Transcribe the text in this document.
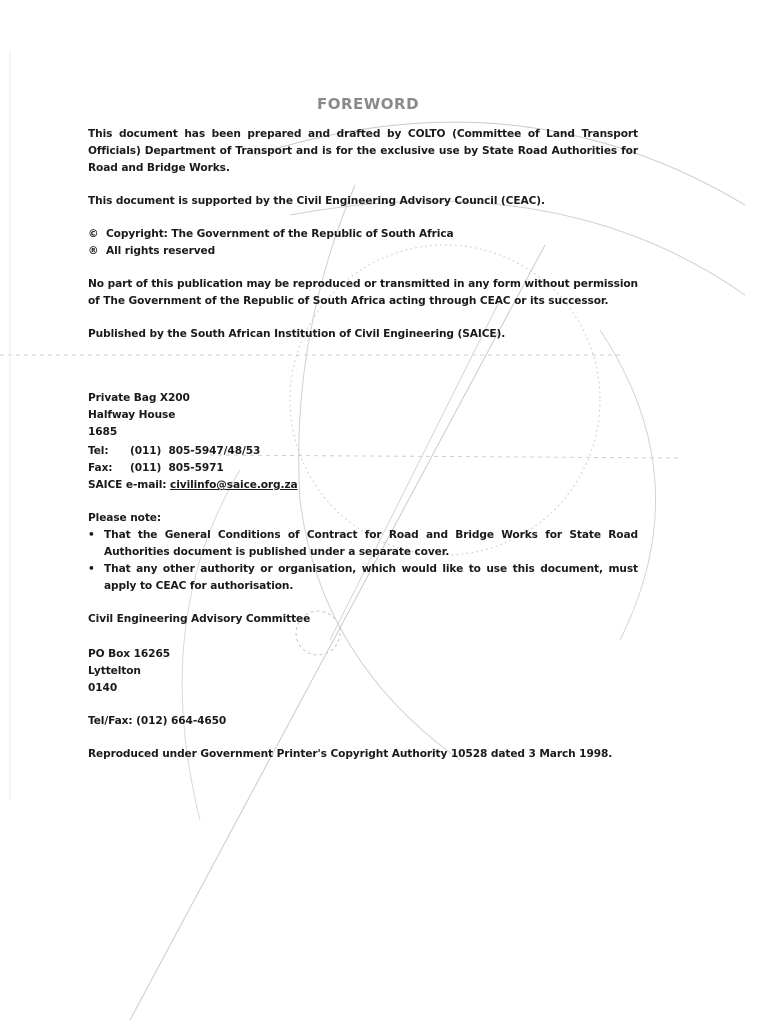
FOREWORD

This document has been prepared and drafted by COLTO (Committee of Land Transport Officials) Department of Transport and is for the exclusive use by State Road Authorities for Road and Bridge Works.

This document is supported by the Civil Engineering Advisory Council (CEAC).

© Copyright: The Government of the Republic of South Africa
® All rights reserved

No part of this publication may be reproduced or transmitted in any form without permission of The Government of the Republic of South Africa acting through CEAC or its successor.

Published by the South African Institution of Civil Engineering (SAICE).

Private Bag X200
Halfway House
1685
Tel:	(011)  805-5947/48/53
Fax:	(011)  805-5971
SAICE e-mail: civilinfo@saice.org.za
Please note:
• That the General Conditions of Contract for Road and Bridge Works for State Road Authorities document is published under a separate cover.
• That any other authority or organisation, which would like to use this document, must apply to CEAC for authorisation.

Civil Engineering Advisory Committee

PO Box 16265
Lyttelton
0140

Tel/Fax: (012) 664-4650

Reproduced under Government Printer's Copyright Authority 10528 dated 3 March 1998.
